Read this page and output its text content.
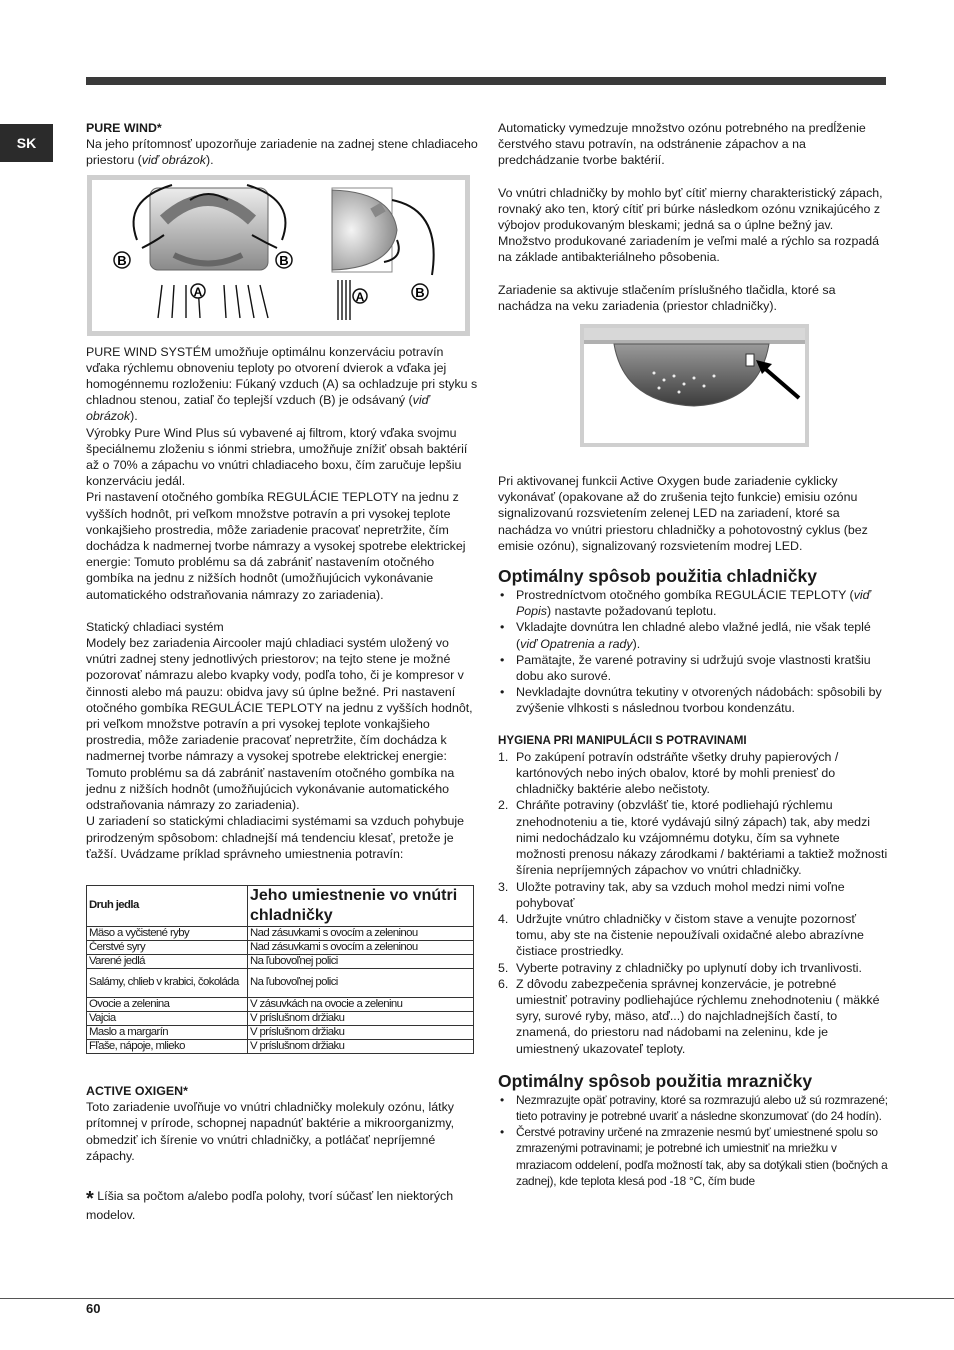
SK
PURE WIND*

Na jeho prítomnosť upozorňuje zariadenie na zadnej stene chladiaceho priestoru (viď obrázok).

B	B
A	A	B

PURE WIND SYSTÉM umožňuje optimálnu konzerváciu potravín vďaka rýchlemu obnoveniu teploty po otvorení dvierok a vďaka jej homogénnemu rozloženiu: Fúkaný vzduch (A) sa ochladzuje pri styku s chladnou stenou, zatiaľ čo teplejší vzduch (B) je odsávaný (viď obrázok).

Výrobky Pure Wind Plus sú vybavené aj filtrom, ktorý vďaka svojmu špeciálnemu zloženiu s iónmi striebra, umožňuje znížiť obsah baktérií až o 70% a zápachu vo vnútri chladiaceho boxu, čím zaručuje lepšiu konzerváciu jedál.

Pri nastavení otočného gombíka REGULÁCIE TEPLOTY na jednu z vyšších hodnôt, pri veľkom množstve potravín a pri vysokej teplote vonkajšieho prostredia, môže zariadenie pracovať nepretržite, čím dochádza k nadmernej tvorbe námrazy a vysokej spotrebe elektrickej energie: Tomuto problému sa dá zabrániť nastavením otočného gombíka na jednu z nižších hodnôt (umožňujúcich vykonávanie automatického odstraňovania námrazy zo zariadenia).

Statický chladiaci systém

Modely bez zariadenia Aircooler majú chladiaci systém uložený vo vnútri zadnej steny jednotlivých priestorov; na tejto stene je možné pozorovať námrazu alebo kvapky vody, podľa toho, či je kompresor v činnosti alebo má pauzu: obidva javy sú úplne bežné. Pri nastavení otočného gombíka REGULÁCIE TEPLOTY na jednu z vyšších hodnôt, pri veľkom množstve potravín a pri vysokej teplote vonkajšieho prostredia, môže zariadenie pracovať nepretržite, čím dochádza k nadmernej tvorbe námrazy a vysokej spotrebe elektrickej energie: Tomuto problému sa dá zabrániť nastavením otočného gombíka na jednu z nižších hodnôt (umožňujúcich vykonávanie automatického odstraňovania námrazy zo zariadenia).

U zariadení so statickými chladiacimi systémami sa vzduch pohybuje prirodzeným spôsobom: chladnejší má tendenciu klesať, pretože je ťažší. Uvádzame príklad správneho umiestnenia potravín:

Druh jedla	Jeho umiestnenie vo vnútri chladničky
Mäso a vyčistené ryby	Nad zásuvkami s ovocím a zeleninou
Čerstvé syry	Nad zásuvkami s ovocím a zeleninou
Varené jedlá	Na ľubovoľnej polici
Salámy, chlieb v krabici, čokoláda	Na ľubovoľnej polici
Ovocie a zelenina	V zásuvkách na ovocie a zeleninu
Vajcia	V príslušnom držiaku
Maslo a margarín	V príslušnom držiaku
Fľaše, nápoje, mlieko	V príslušnom držiaku
ACTIVE OXIGEN*

Toto zariadenie uvoľňuje vo vnútri chladničky molekuly ozónu, látky prítomnej v prírode, schopnej napadnúť baktérie a mikroorganizmy, obmedziť ich šírenie vo vnútri chladničky, a potláčať nepríjemné zápachy.

* Líšia sa počtom a/alebo podľa polohy, tvorí súčasť len niektorých modelov.

Automaticky vymedzuje množstvo ozónu potrebného na predĺženie čerstvého stavu potravín, na odstránenie zápachov a na predchádzanie tvorbe baktérií.

Vo vnútri chladničky by mohlo byť cítiť mierny charakteristický zápach, rovnaký ako ten, ktorý cítiť pri búrke následkom ozónu vznikajúcého z výbojov produkovaným bleskami; jedná sa o úplne bežný jav. Množstvo produkované zariadením je veľmi malé a rýchlo sa rozpadá na základe antibakteriálneho pôsobenia.

Zariadenie sa aktivuje stlačením príslušného tlačidla, ktoré sa nachádza na veku zariadenia (priestor chladničky).

Pri aktivovanej funkcii Active Oxygen bude zariadenie cyklicky vykonávať (opakovane až do zrušenia tejto funkcie) emisiu ozónu signalizovanú rozsvietením zelenej LED na zariadení, ktoré sa nachádza vo vnútri priestoru chladničky a pohotovostný cyklus (bez emisie ozónu), signalizovaný rozsvietením modrej LED.

Optimálny spôsob použitia chladničky
• Prostredníctvom otočného gombíka REGULÁCIE TEPLOTY (viď Popis) nastavte požadovanú teplotu.
• Vkladajte dovnútra len chladné alebo vlažné jedlá, nie však teplé (viď Opatrenia a rady).
• Pamätajte, že varené potraviny si udržujú svoje vlastnosti kratšiu dobu ako surové.
• Nevkladajte dovnútra tekutiny v otvorených nádobách: spôsobili by zvýšenie vlhkosti s následnou tvorbou kondenzátu.
HYGIENA PRI MANIPULÁCII S POTRAVINAMI
1. Po zakúpení potravín odstráňte všetky druhy papierových / kartónových nebo iných obalov, ktoré by mohli preniesť do chladničky baktérie alebo nečistoty.
2. Chráňte potraviny (obzvlášť tie, ktoré podliehajú rýchlemu znehodnoteniu a tie, ktoré vydávajú silný zápach) tak, aby medzi nimi nedochádzalo ku vzájomnému dotyku, čím sa vyhnete možnosti prenosu nákazy zárodkami / baktériami a taktiež možnosti šírenia nepríjemných zápachov vo vnútri chladničky.
3. Uložte potraviny tak, aby sa vzduch mohol medzi nimi voľne pohybovať
4. Udržujte vnútro chladničky v čistom stave a venujte pozornosť tomu, aby ste na čistenie nepoužívali oxidačné alebo abrazívne čistiace prostriedky.
5. Vyberte potraviny z chladničky po uplynutí doby ich trvanlivosti.
6. Z dôvodu zabezpečenia správnej konzervácie, je potrebné umiestniť potraviny podliehajúce rýchlemu znehodnoteniu ( mäkké syry, surové ryby, mäso, atď...) do najchladnejších častí, to znamená, do priestoru nad nádobami na zeleninu, kde je umiestnený ukazovateľ teploty.
Optimálny spôsob použitia mrazničky
• Nezmrazujte opäť potraviny, ktoré sa rozmrazujú alebo už sú rozmrazené; tieto potraviny je potrebné uvariť a následne skonzumovať (do 24 hodín).
• Čerstvé potraviny určené na zmrazenie nesmú byť umiestnené spolu so zmrazenými potravinami; je potrebné ich umiestniť na mriežku v mraziacom oddelení, podľa možností tak, aby sa dotýkali stien (bočných a zadnej), kde teplota klesá pod -18 °C, čím bude
60
